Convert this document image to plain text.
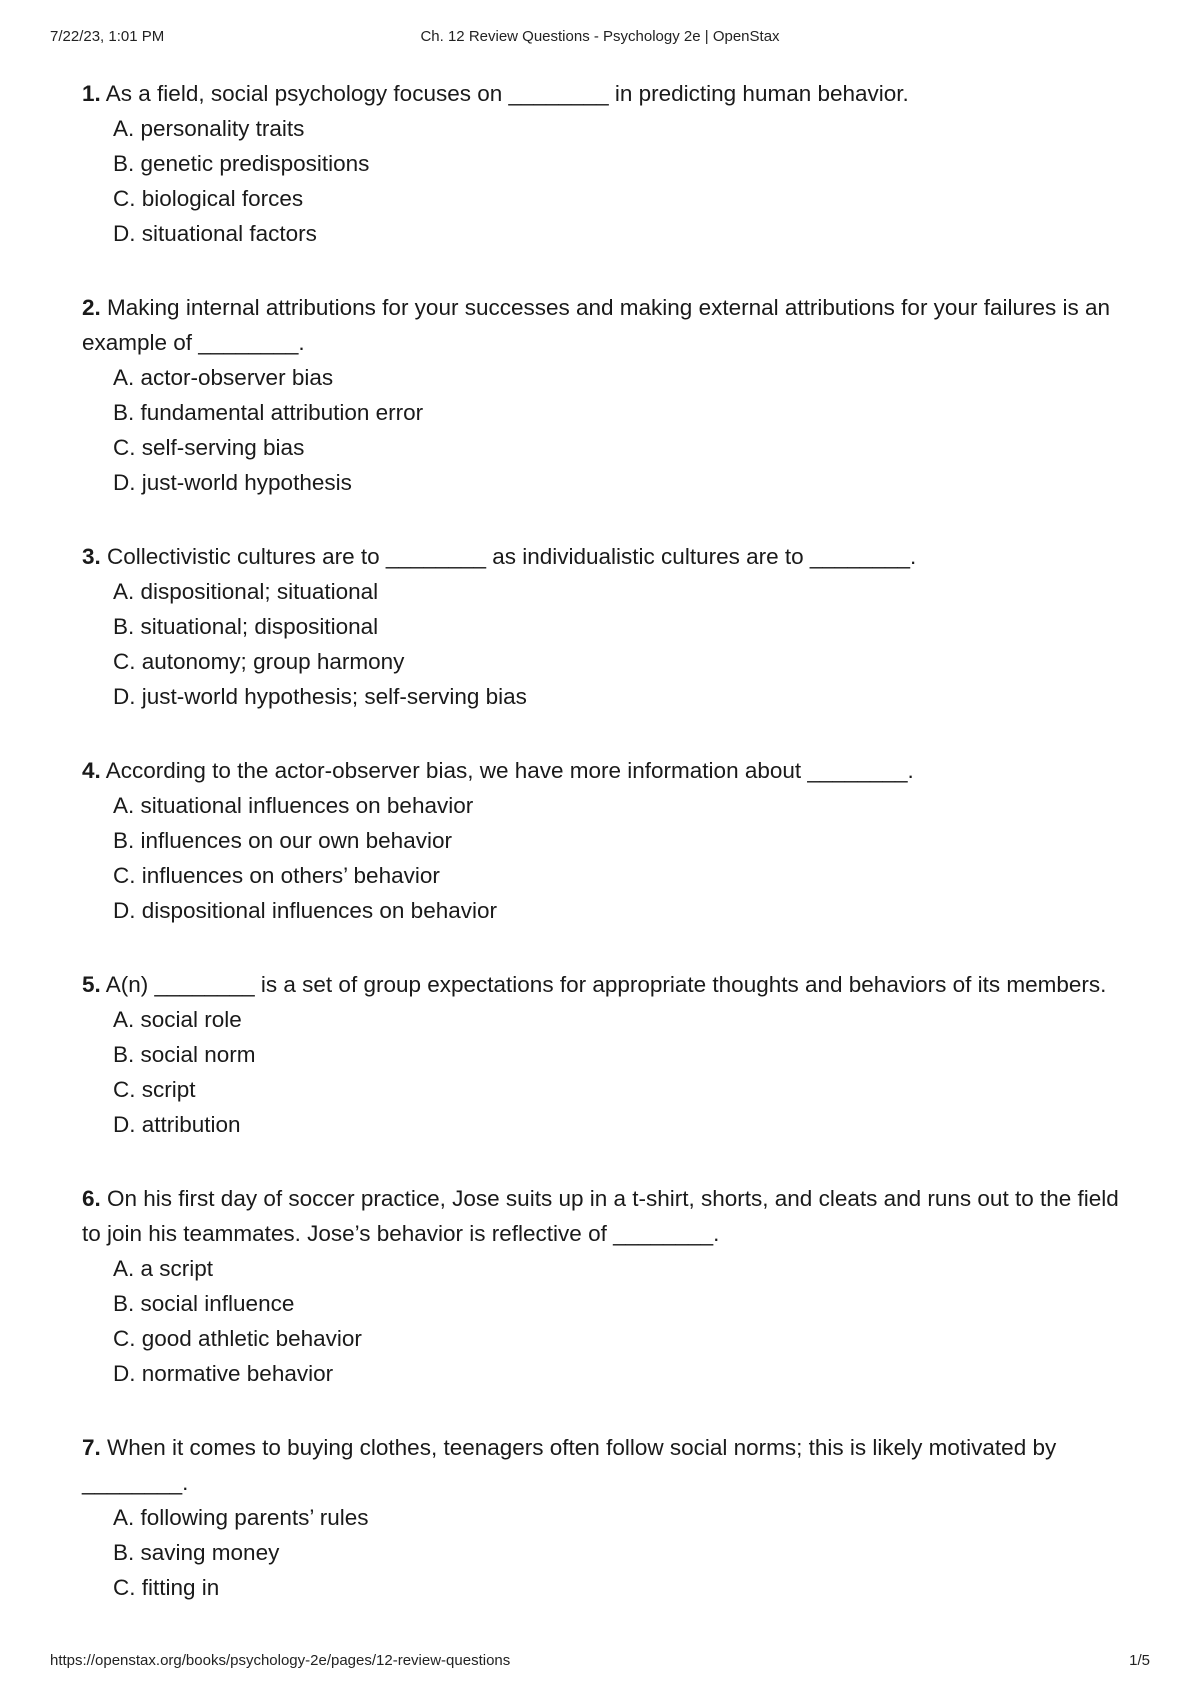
7/22/23, 1:01 PM	Ch. 12 Review Questions - Psychology 2e | OpenStax

1. As a field, social psychology focuses on ________ in predicting human behavior.

A. personality traits
B. genetic predispositions
C. biological forces
D. situational factors

2. Making internal attributions for your successes and making external attributions for your failures is an example of ________.

A. actor-observer bias
B. fundamental attribution error
C. self-serving bias
D. just-world hypothesis

3. Collectivistic cultures are to ________ as individualistic cultures are to ________.

A. dispositional; situational
B. situational; dispositional
C. autonomy; group harmony
D. just-world hypothesis; self-serving bias

4. According to the actor-observer bias, we have more information about ________.

A. situational influences on behavior
B. influences on our own behavior
C. influences on others’ behavior
D. dispositional influences on behavior

5. A(n) ________ is a set of group expectations for appropriate thoughts and behaviors of its members.

A. social role
B. social norm
C. script
D. attribution

6. On his first day of soccer practice, Jose suits up in a t-shirt, shorts, and cleats and runs out to the field to join his teammates. Jose’s behavior is reflective of ________.

A. a script
B. social influence
C. good athletic behavior
D. normative behavior

7. When it comes to buying clothes, teenagers often follow social norms; this is likely motivated by ________.

A. following parents’ rules
B. saving money
C. fitting in
https://openstax.org/books/psychology-2e/pages/12-review-questions	1/5
